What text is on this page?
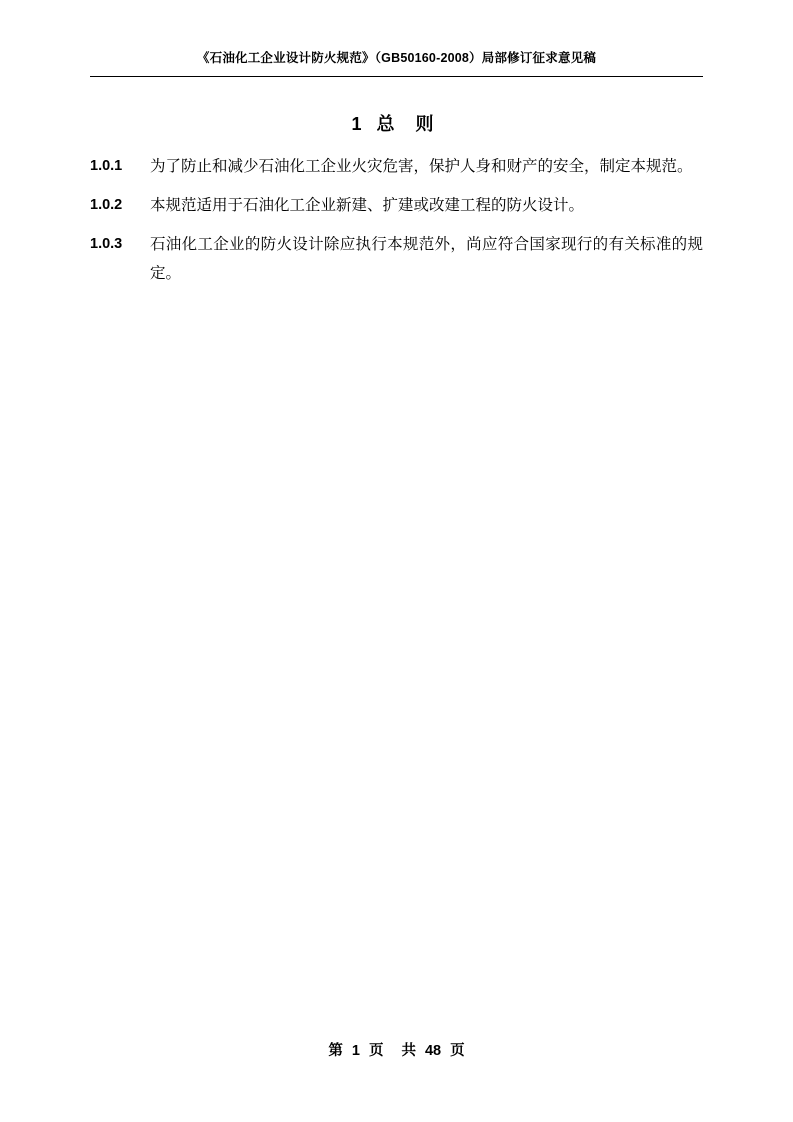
《石油化工企业设计防火规范》（GB50160-2008）局部修订征求意见稿
1 总 则
1.0.1 为了防止和减少石油化工企业火灾危害，保护人身和财产的安全，制定本规范。
1.0.2 本规范适用于石油化工企业新建、扩建或改建工程的防火设计。
1.0.3 石油化工企业的防火设计除应执行本规范外，尚应符合国家现行的有关标准的规定。
第 1 页 共 48 页
